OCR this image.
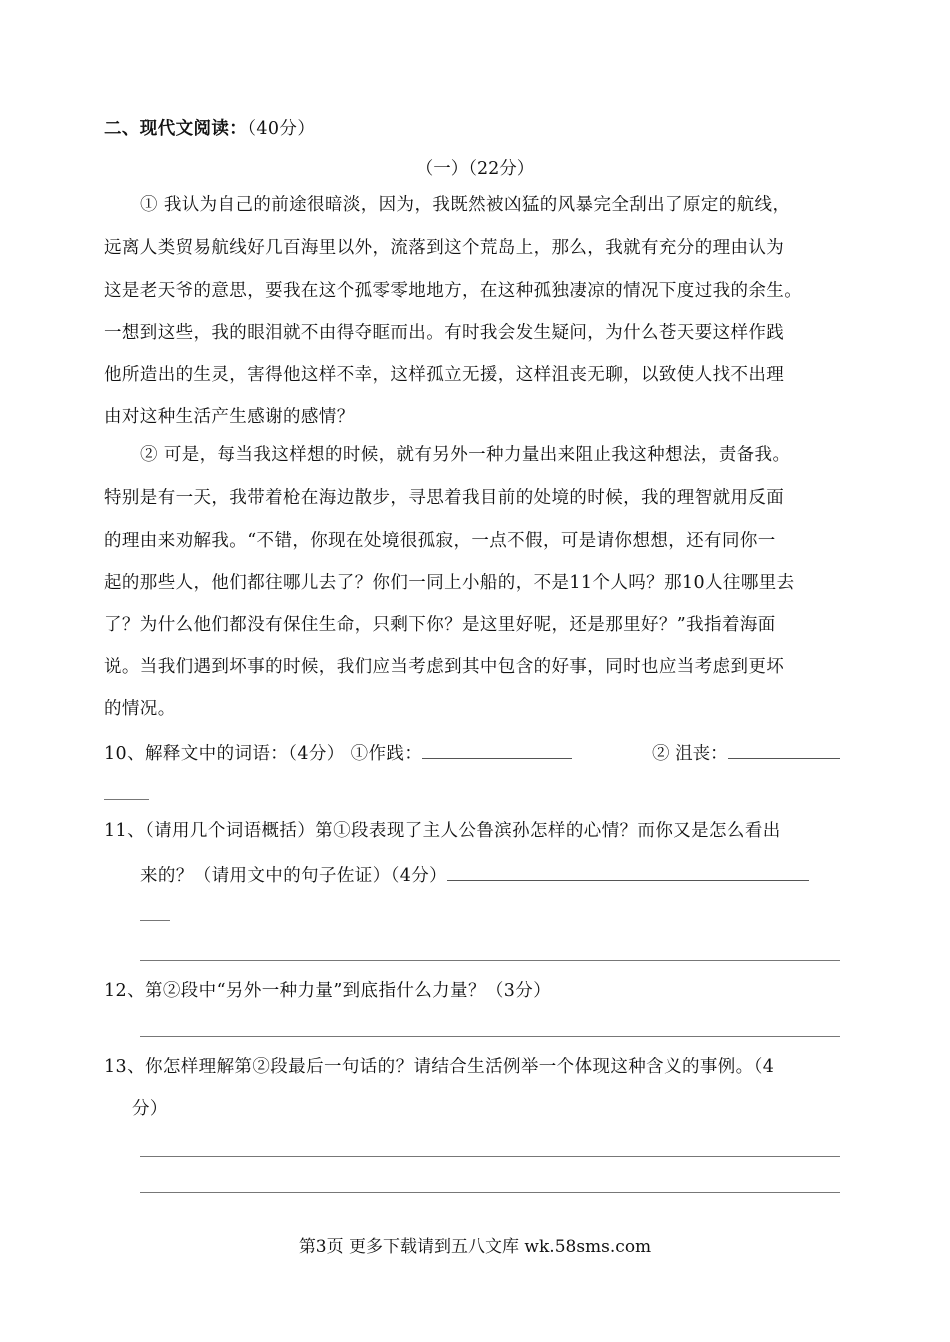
二、现代文阅读：（40分）
（一）（22分）
① 我认为自己的前途很暗淡，因为，我既然被凶猛的风暴完全刮出了原定的航线，
远离人类贸易航线好几百海里以外，流落到这个荒岛上，那么，我就有充分的理由认为
这是老天爷的意思，要我在这个孤零零地地方，在这种孤独凄凉的情况下度过我的余生。
一想到这些，我的眼泪就不由得夺眶而出。有时我会发生疑问，为什么苍天要这样作践
他所造出的生灵，害得他这样不幸，这样孤立无援，这样沮丧无聊，以致使人找不出理
由对这种生活产生感谢的感情？
② 可是，每当我这样想的时候，就有另外一种力量出来阻止我这种想法，责备我。
特别是有一天，我带着枪在海边散步，寻思着我目前的处境的时候，我的理智就用反面
的理由来劝解我。“不错，你现在处境很孤寂，一点不假，可是请你想想，还有同你一
起的那些人，他们都往哪儿去了？你们一同上小船的，不是11个人吗？那10人往哪里去
了？为什么他们都没有保住生命，只剩下你？是这里好呢，还是那里好？”我指着海面
说。当我们遇到坏事的时候，我们应当考虑到其中包含的好事，同时也应当考虑到更坏
的情况。
10、解释文中的词语：（4分） ①作践：	② 沮丧：
11、（请用几个词语概括）第①段表现了主人公鲁滨孙怎样的心情？而你又是怎么看出
来的？（请用文中的句子佐证）（4分）
12、第②段中“另外一种力量”到底指什么力量？（3分）
13、你怎样理解第②段最后一句话的？请结合生活例举一个体现这种含义的事例。（4
分）
第3页 更多下载请到五八文库 wk.58sms.com
